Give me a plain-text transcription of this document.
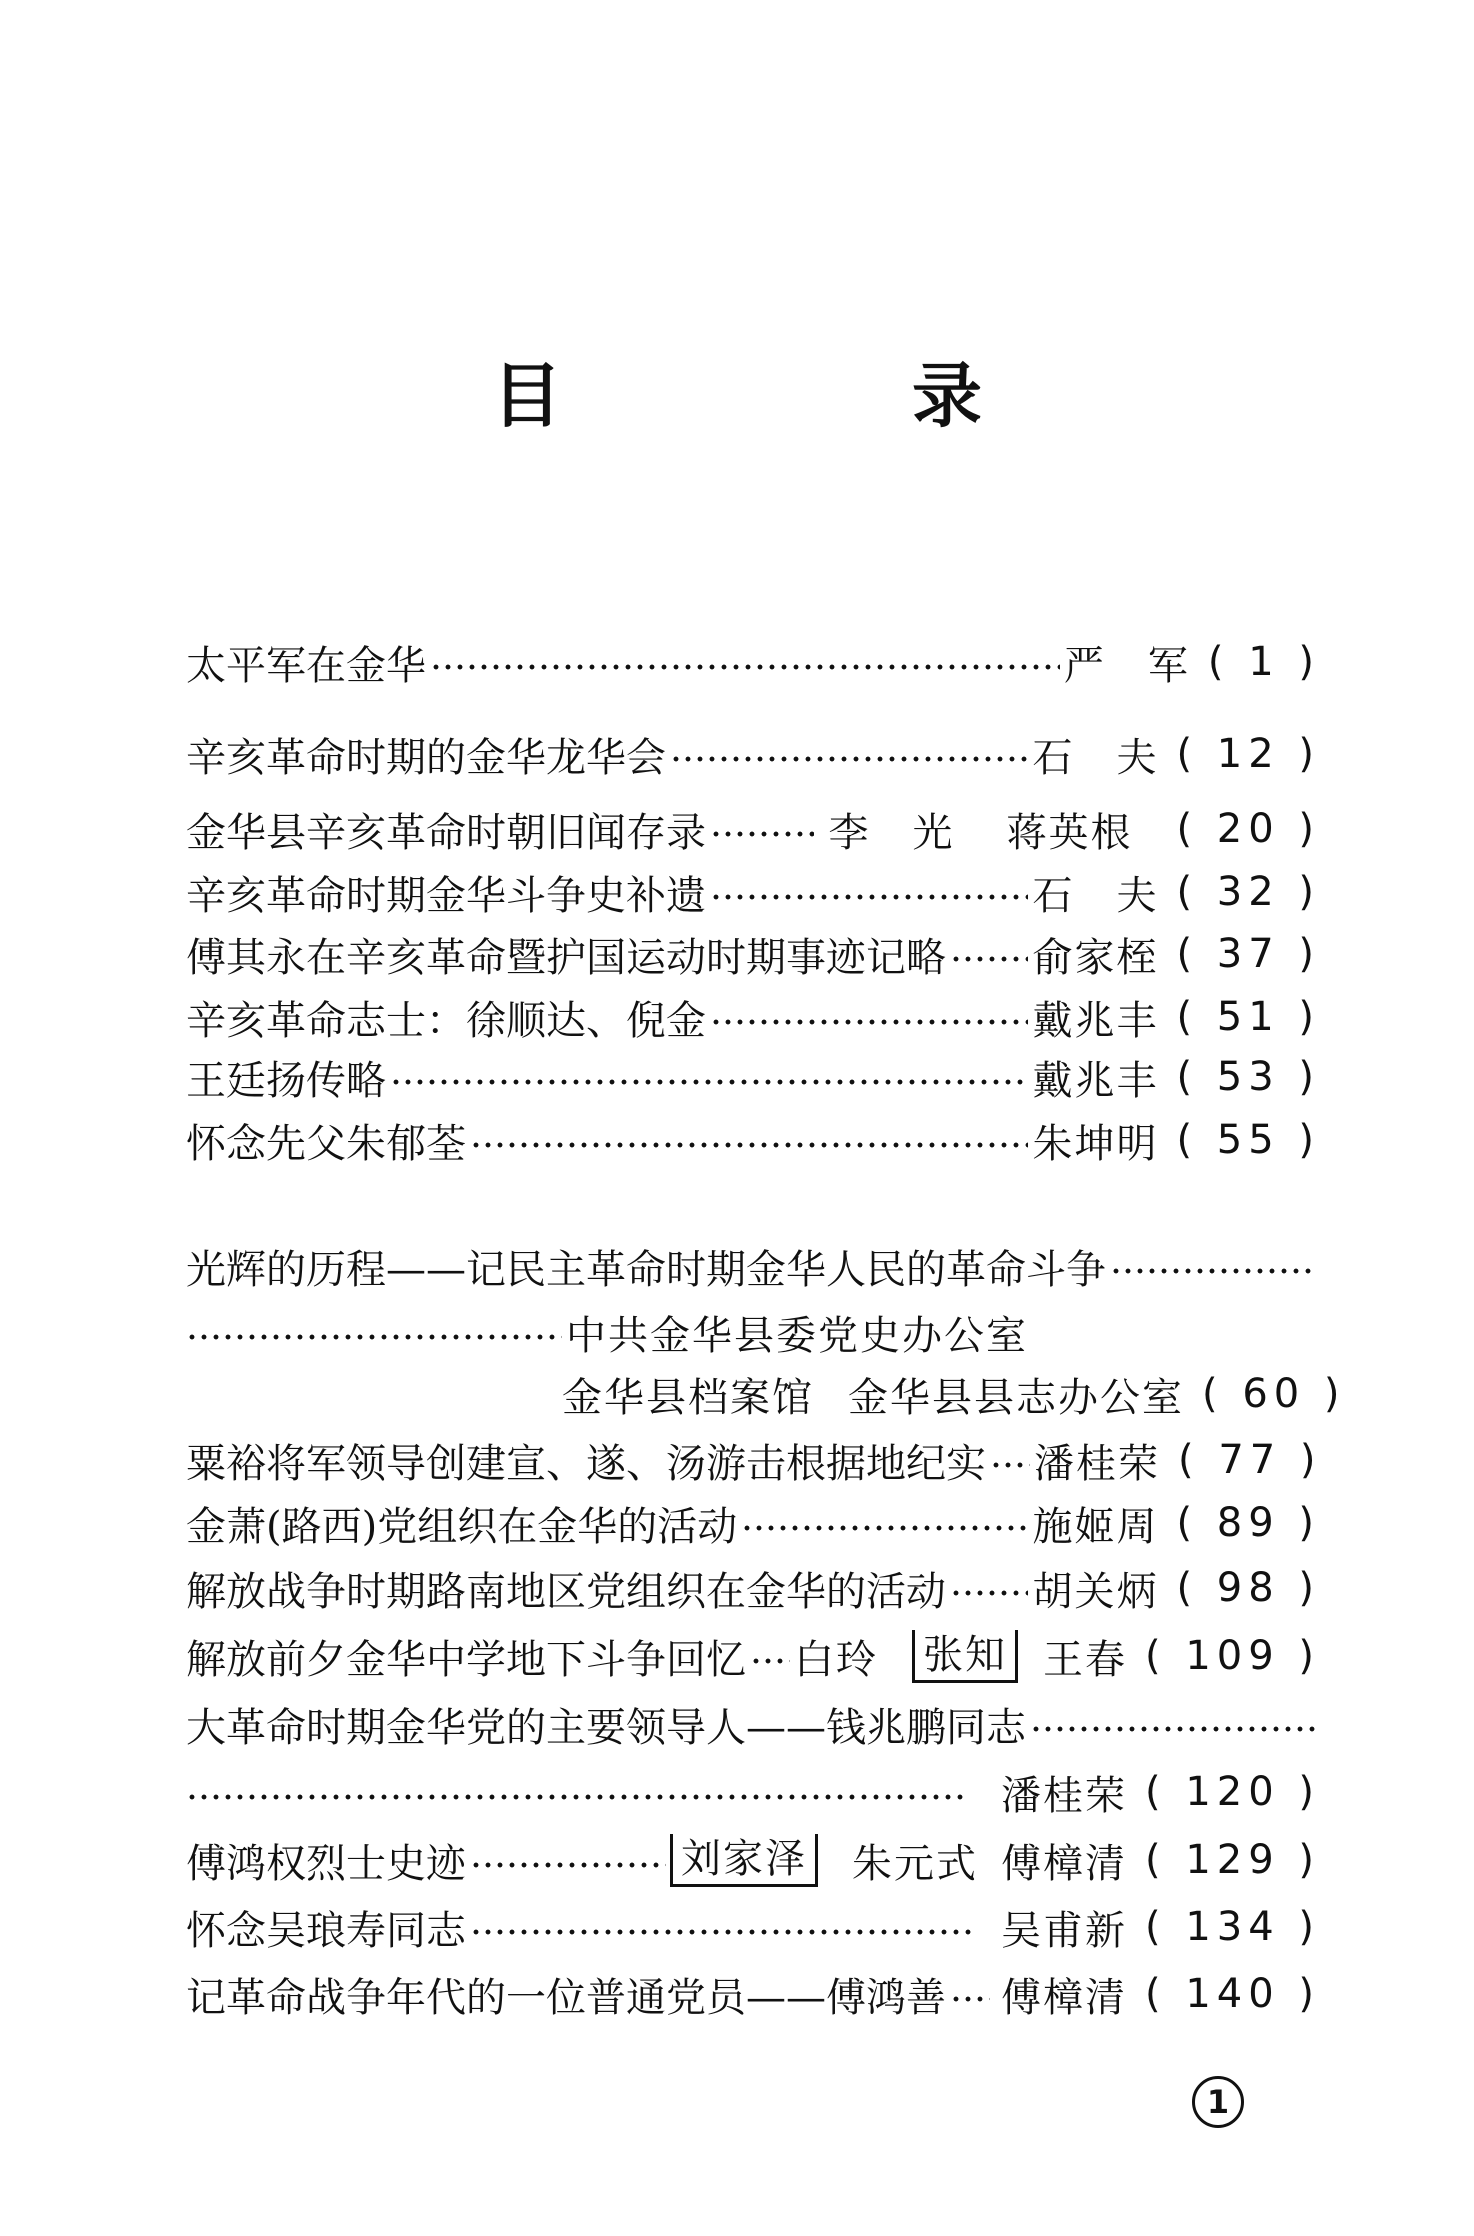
目　录
太平军在金华	严　军 ( 1 )
辛亥革命时期的金华龙华会	石　夫 ( 12 )
金华县辛亥革命时朝旧闻存录	李　光 蒋英根 ( 20 )
辛亥革命时期金华斗争史补遗	石　夫 ( 32 )
傅其永在辛亥革命暨护国运动时期事迹记略 俞家桎 ( 37 )
辛亥革命志士：徐顺达、倪金	戴兆丰 ( 51 )
王廷扬传略	戴兆丰 ( 53 )
怀念先父朱郁荃	朱坤明 ( 55 )
光辉的历程——记民主革命时期金华人民的革命斗争
中共金华县委党史办公室
金华县档案馆 金华县县志办公室 ( 60 )
粟裕将军领导创建宣、遂、汤游击根据地纪实 潘桂荣 ( 77 )
金萧(路西)党组织在金华的活动	施姬周 ( 89 )
解放战争时期路南地区党组织在金华的活动 胡关炳 ( 98 )
解放前夕金华中学地下斗争回忆 白玲 张知 王春 ( 109 )
大革命时期金华党的主要领导人——钱兆鹏同志
潘桂荣 ( 120 )
傅鸿权烈士史迹	刘家泽 朱元式 傅樟清 ( 129 )
怀念吴琅寿同志	吴甫新 ( 134 )
记革命战争年代的一位普通党员——傅鸿善 傅樟清 ( 140 )
1
